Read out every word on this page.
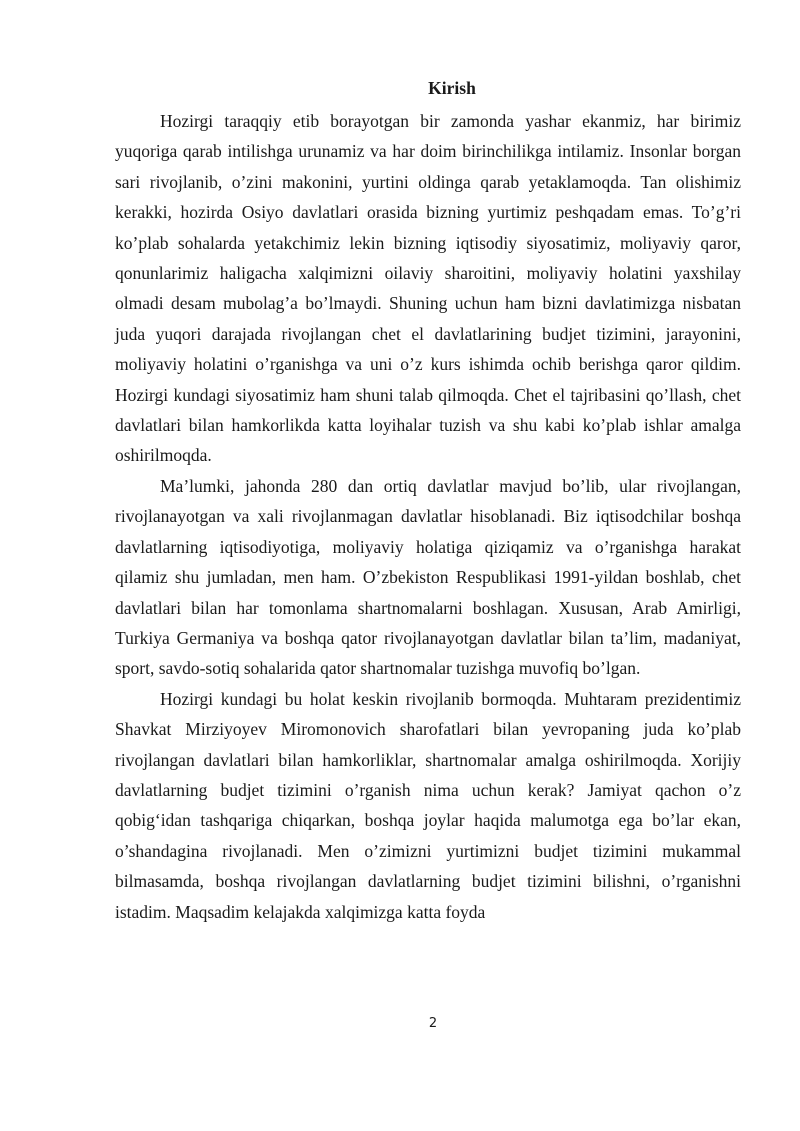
Kirish

Hozirgi taraqqiy etib borayotgan bir zamonda yashar ekanmiz, har birimiz yuqoriga qarab intilishga urunamiz va har doim birinchilikga intilamiz. Insonlar borgan sari rivojlanib, o’zini makonini, yurtini oldinga qarab yetaklamoqda. Tan olishimiz kerakki, hozirda Osiyo davlatlari orasida bizning yurtimiz peshqadam emas. To’g’ri ko’plab sohalarda yetakchimiz lekin bizning iqtisodiy siyosatimiz, moliyaviy qaror, qonunlarimiz haligacha xalqimizni oilaviy sharoitini, moliyaviy holatini yaxshilay olmadi desam mubolag’a bo’lmaydi. Shuning uchun ham bizni davlatimizga nisbatan juda yuqori darajada rivojlangan chet el davlatlarining budjet tizimini, jarayonini, moliyaviy holatini o’rganishga va uni o’z kurs ishimda ochib berishga qaror qildim. Hozirgi kundagi siyosatimiz ham shuni talab qilmoqda. Chet el tajribasini qo’llash, chet davlatlari bilan hamkorlikda katta loyihalar tuzish va shu kabi ko’plab ishlar amalga oshirilmoqda.

Ma’lumki, jahonda 280 dan ortiq davlatlar mavjud bo’lib, ular rivojlangan, rivojlanayotgan va xali rivojlanmagan davlatlar hisoblanadi. Biz iqtisodchilar boshqa davlatlarning iqtisodiyotiga, moliyaviy holatiga qiziqamiz va o’rganishga harakat qilamiz shu jumladan, men ham. O’zbekiston Respublikasi 1991-yildan boshlab, chet davlatlari bilan har tomonlama shartnomalarni boshlagan. Xususan, Arab Amirligi, Turkiya Germaniya va boshqa qator rivojlanayotgan davlatlar bilan ta’lim, madaniyat, sport, savdo-sotiq sohalarida qator shartnomalar tuzishga muvofiq bo’lgan.

Hozirgi kundagi bu holat keskin rivojlanib bormoqda. Muhtaram prezidentimiz Shavkat Mirziyoyev Miromonovich sharofatlari bilan yevropaning juda ko’plab rivojlangan davlatlari bilan hamkorliklar, shartnomalar amalga oshirilmoqda. Xorijiy davlatlarning budjet tizimini o’rganish nima uchun kerak? Jamiyat qachon o’z qobig‘idan tashqariga chiqarkan, boshqa joylar haqida malumotga ega bo’lar ekan, o’shandagina rivojlanadi. Men o’zimizni yurtimizni budjet tizimini mukammal bilmasamda, boshqa rivojlangan davlatlarning budjet tizimini bilishni, o’rganishni istadim. Maqsadim kelajakda xalqimizga katta foyda

2
